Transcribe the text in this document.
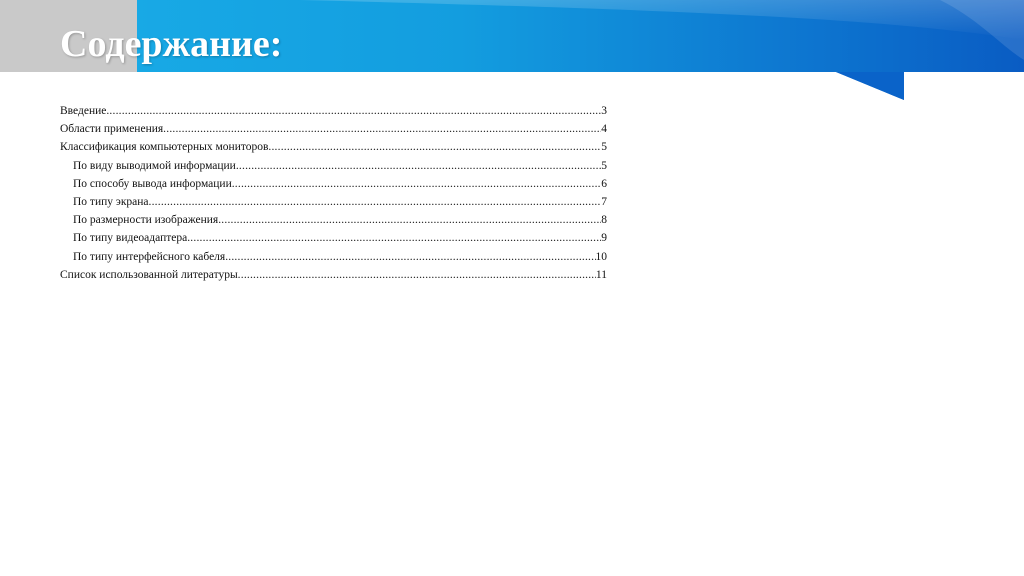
Содержание:
Введение .....	3
Области применения .....	4
Классификация компьютерных мониторов .....	5
По виду выводимой информации .....	5
По способу вывода информации .....	6
По типу экрана .....	7
По размерности изображения .....	8
По типу видеоадаптера .....	9
По типу интерфейсного кабеля .....	10
Список использованной литературы .....	11
